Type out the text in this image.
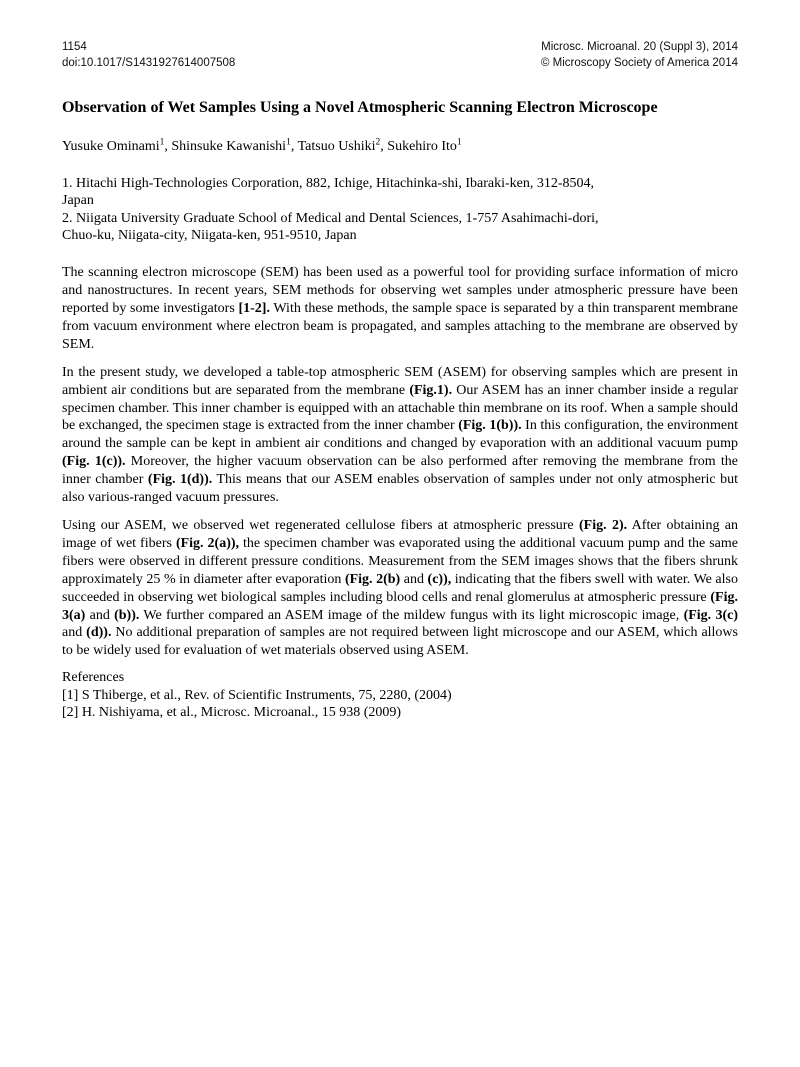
1154
doi:10.1017/S1431927614007508
Microsc. Microanal. 20 (Suppl 3), 2014
© Microscopy Society of America 2014
Observation of Wet Samples Using a Novel Atmospheric Scanning Electron Microscope

Yusuke Ominami$^1$, Shinsuke Kawanishi$^1$, Tatsuo Ushiki$^2$, Sukehiro Ito$^1$

1. Hitachi High-Technologies Corporation, 882, Ichige, Hitachinka-shi, Ibaraki-ken, 312-8504,
Japan
2. Niigata University Graduate School of Medical and Dental Sciences, 1-757 Asahimachi-dori,
Chuo-ku, Niigata-city, Niigata-ken, 951-9510, Japan

The scanning electron microscope (SEM) has been used as a powerful tool for providing surface information of micro and nanostructures. In recent years, SEM methods for observing wet samples under atmospheric pressure have been reported by some investigators [1-2]. With these methods, the sample space is separated by a thin transparent membrane from vacuum environment where electron beam is propagated, and samples attaching to the membrane are observed by SEM.

In the present study, we developed a table-top atmospheric SEM (ASEM) for observing samples which are present in ambient air conditions but are separated from the membrane (Fig.1). Our ASEM has an inner chamber inside a regular specimen chamber. This inner chamber is equipped with an attachable thin membrane on its roof. When a sample should be exchanged, the specimen stage is extracted from the inner chamber (Fig. 1(b)). In this configuration, the environment around the sample can be kept in ambient air conditions and changed by evaporation with an additional vacuum pump (Fig. 1(c)). Moreover, the higher vacuum observation can be also performed after removing the membrane from the inner chamber (Fig. 1(d)). This means that our ASEM enables observation of samples under not only atmospheric but also various-ranged vacuum pressures.

Using our ASEM, we observed wet regenerated cellulose fibers at atmospheric pressure (Fig. 2). After obtaining an image of wet fibers (Fig. 2(a)), the specimen chamber was evaporated using the additional vacuum pump and the same fibers were observed in different pressure conditions. Measurement from the SEM images shows that the fibers shrunk approximately 25 % in diameter after evaporation (Fig. 2(b) and (c)), indicating that the fibers swell with water. We also succeeded in observing wet biological samples including blood cells and renal glomerulus at atmospheric pressure (Fig. 3(a) and (b)). We further compared an ASEM image of the mildew fungus with its light microscopic image, (Fig. 3(c) and (d)). No additional preparation of samples are not required between light microscope and our ASEM, which allows to be widely used for evaluation of wet materials observed using ASEM.

References
[1] S Thiberge, et al., Rev. of Scientific Instruments, 75, 2280, (2004)
[2] H. Nishiyama, et al., Microsc. Microanal., 15 938 (2009)
